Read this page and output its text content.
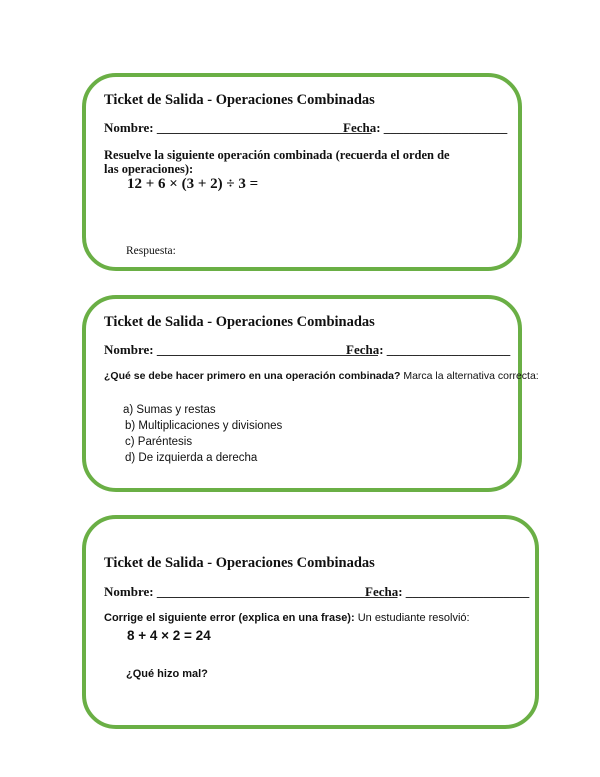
Ticket de Salida - Operaciones Combinadas
Nombre: _________________________________
Fecha: ___________________
Resuelve la siguiente operación combinada (recuerda el orden de las operaciones):
12 + 6 × (3 + 2) ÷ 3 =
Respuesta:
Ticket de Salida - Operaciones Combinadas
Nombre: __________________________________
Fecha: ___________________
¿Qué se debe hacer primero en una operación combinada? Marca la alternativa correcta:
a) Sumas y restas
b) Multiplicaciones y divisiones
c) Paréntesis
d) De izquierda a derecha
Ticket de Salida - Operaciones Combinadas
Nombre: _____________________________________
Fecha: ___________________
Corrige el siguiente error (explica en una frase): Un estudiante resolvió:
8 + 4 × 2 = 24
¿Qué hizo mal?
